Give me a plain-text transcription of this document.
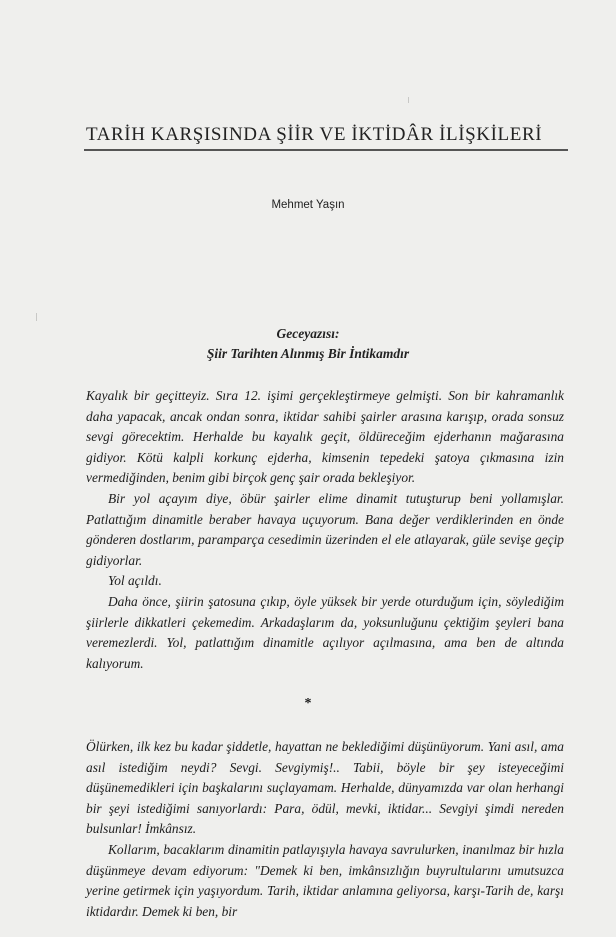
TARİH KARŞISINDA ŞİİR VE İKTİDÂR İLİŞKİLERİ
Mehmet Yaşın
Geceyazısı:
Şiir Tarihten Alınmış Bir İntikamdır

Kayalık bir geçitteyiz. Sıra 12. işimi gerçekleştirmeye gelmişti. Son bir kahramanlık daha yapacak, ancak ondan sonra, iktidar sahibi şairler arasına karışıp, orada sonsuz sevgi görecektim. Herhalde bu kayalık geçit, öldüreceğim ejderhanın mağarasına gidiyor. Kötü kalpli korkunç ejderha, kimsenin tepedeki şatoya çıkmasına izin vermediğinden, benim gibi birçok genç şair orada bekleşiyor.

Bir yol açayım diye, öbür şairler elime dinamit tutuşturup beni yollamışlar. Patlattığım dinamitle beraber havaya uçuyorum. Bana değer verdiklerinden en önde gönderen dostlarım, paramparça cesedimin üzerinden el ele atlayarak, güle sevişe geçip gidiyorlar.

Yol açıldı.

Daha önce, şiirin şatosuna çıkıp, öyle yüksek bir yerde oturduğum için, söylediğim şiirlerle dikkatleri çekemedim. Arkadaşlarım da, yoksunluğunu çektiğim şeyleri bana veremezlerdi. Yol, patlattığım dinamitle açılıyor açılmasına, ama ben de altında kalıyorum.

*

Ölürken, ilk kez bu kadar şiddetle, hayattan ne beklediğimi düşünüyorum. Yani asıl, ama asıl istediğim neydi? Sevgi. Sevgiymiş!.. Tabii, böyle bir şey isteyeceğimi düşünemedikleri için başkalarını suçlayamam. Herhalde, dünyamızda var olan herhangi bir şeyi istediğimi sanıyorlardı: Para, ödül, mevki, iktidar... Sevgiyi şimdi nereden bulsunlar! İmkânsız.

Kollarım, bacaklarım dinamitin patlayışıyla havaya savrulurken, inanılmaz bir hızla düşünmeye devam ediyorum: "Demek ki ben, imkânsızlığın buyrultularını umutsuzca yerine getirmek için yaşıyordum. Tarih, iktidar anlamına geliyorsa, karşı-Tarih de, karşı iktidardır. Demek ki ben, bir
